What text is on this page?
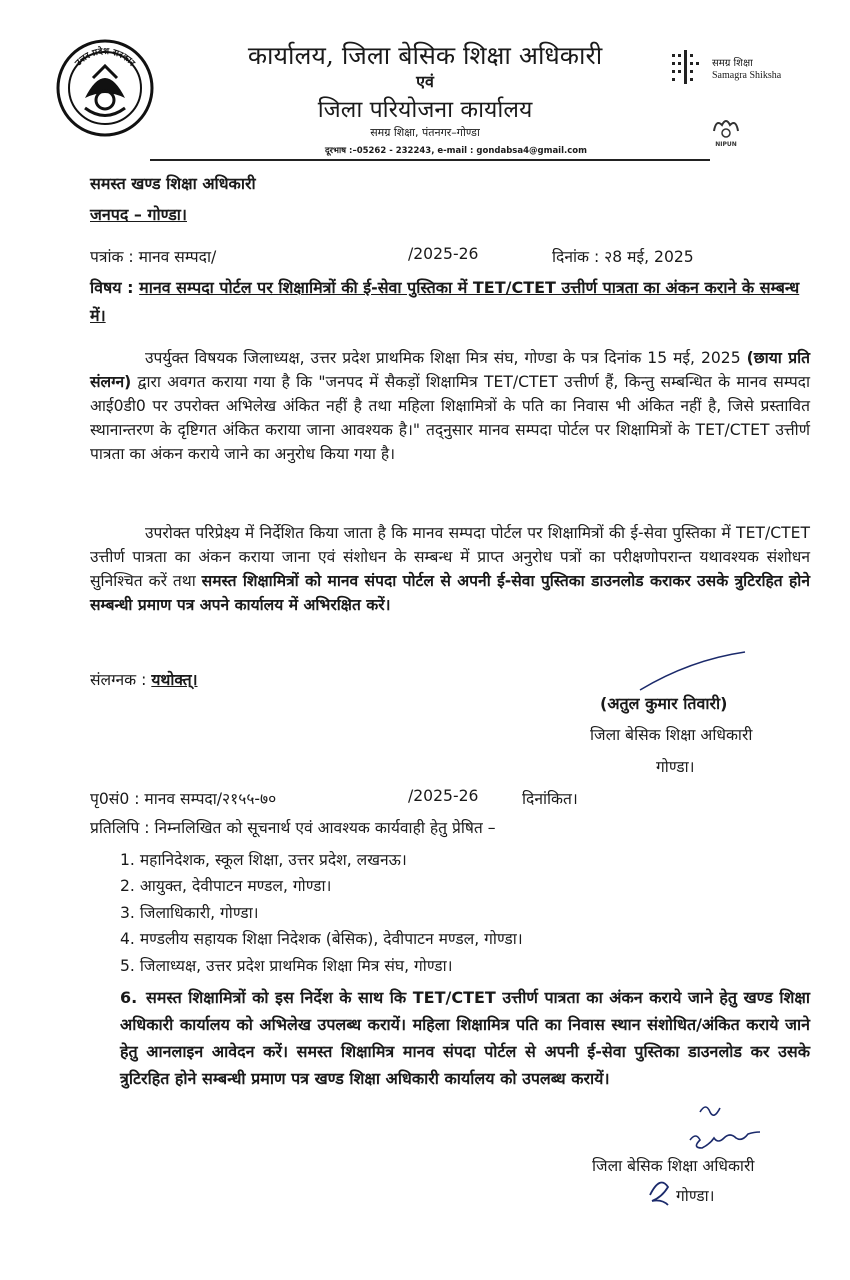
उत्तर प्रदेश सरकार	कार्यालय, जिला बेसिक शिक्षा अधिकारी
एवं
जिला परियोजना कार्यालय
समग्र शिक्षा, पंतनगर–गोण्डा
दूरभाष :–05262 - 232243, e-mail : gondabsa4@gmail.com
समग्र शिक्षा
Samagra Shiksha
NIPUN
समस्त खण्ड शिक्षा अधिकारी
जनपद – गोण्डा।
पत्रांक : मानव सम्पदा/	/2025-26	दिनांक : २8 मई, 2025
विषय : मानव सम्पदा पोर्टल पर शिक्षामित्रों की ई-सेवा पुस्तिका में TET/CTET उत्तीर्ण पात्रता का अंकन कराने के सम्बन्ध में।
उपर्युक्त विषयक जिलाध्यक्ष, उत्तर प्रदेश प्राथमिक शिक्षा मित्र संघ, गोण्डा के पत्र दिनांक 15 मई, 2025 (छाया प्रति संलग्न) द्वारा अवगत कराया गया है कि "जनपद में सैकड़ों शिक्षामित्र TET/CTET उत्तीर्ण हैं, किन्तु सम्बन्धित के मानव सम्पदा आई0डी0 पर उपरोक्त अभिलेख अंकित नहीं है तथा महिला शिक्षामित्रों के पति का निवास भी अंकित नहीं है, जिसे प्रस्तावित स्थानान्तरण के दृष्टिगत अंकित कराया जाना आवश्यक है।" तद्नुसार मानव सम्पदा पोर्टल पर शिक्षामित्रों के TET/CTET उत्तीर्ण पात्रता का अंकन कराये जाने का अनुरोध किया गया है।
उपरोक्त परिप्रेक्ष्य में निर्देशित किया जाता है कि मानव सम्पदा पोर्टल पर शिक्षामित्रों की ई-सेवा पुस्तिका में TET/CTET उत्तीर्ण पात्रता का अंकन कराया जाना एवं संशोधन के सम्बन्ध में प्राप्त अनुरोध पत्रों का परीक्षणोपरान्त यथावश्यक संशोधन सुनिश्चित करें तथा समस्त शिक्षामित्रों को मानव संपदा पोर्टल से अपनी ई-सेवा पुस्तिका डाउनलोड कराकर उसके त्रुटिरहित होने सम्बन्धी प्रमाण पत्र अपने कार्यालय में अभिरक्षित करें।
संलग्नक : यथोक्त्।
(अतुल कुमार तिवारी)
जिला बेसिक शिक्षा अधिकारी
गोण्डा।
पृ0सं0 : मानव सम्पदा/२१५५-७०	/2025-26	दिनांकित।
प्रतिलिपि : निम्नलिखित को सूचनार्थ एवं आवश्यक कार्यवाही हेतु प्रेषित –
1. महानिदेशक, स्कूल शिक्षा, उत्तर प्रदेश, लखनऊ।
2. आयुक्त, देवीपाटन मण्डल, गोण्डा।
3. जिलाधिकारी, गोण्डा।
4. मण्डलीय सहायक शिक्षा निदेशक (बेसिक), देवीपाटन मण्डल, गोण्डा।
5. जिलाध्यक्ष, उत्तर प्रदेश प्राथमिक शिक्षा मित्र संघ, गोण्डा।
6. समस्त शिक्षामित्रों को इस निर्देश के साथ कि TET/CTET उत्तीर्ण पात्रता का अंकन कराये जाने हेतु खण्ड शिक्षा अधिकारी कार्यालय को अभिलेख उपलब्ध करायें। महिला शिक्षामित्र पति का निवास स्थान संशोधित/अंकित कराये जाने हेतु आनलाइन आवेदन करें। समस्त शिक्षामित्र मानव संपदा पोर्टल से अपनी ई-सेवा पुस्तिका डाउनलोड कर उसके त्रुटिरहित होने सम्बन्धी प्रमाण पत्र खण्ड शिक्षा अधिकारी कार्यालय को उपलब्ध करायें।
जिला बेसिक शिक्षा अधिकारी
गोण्डा।
